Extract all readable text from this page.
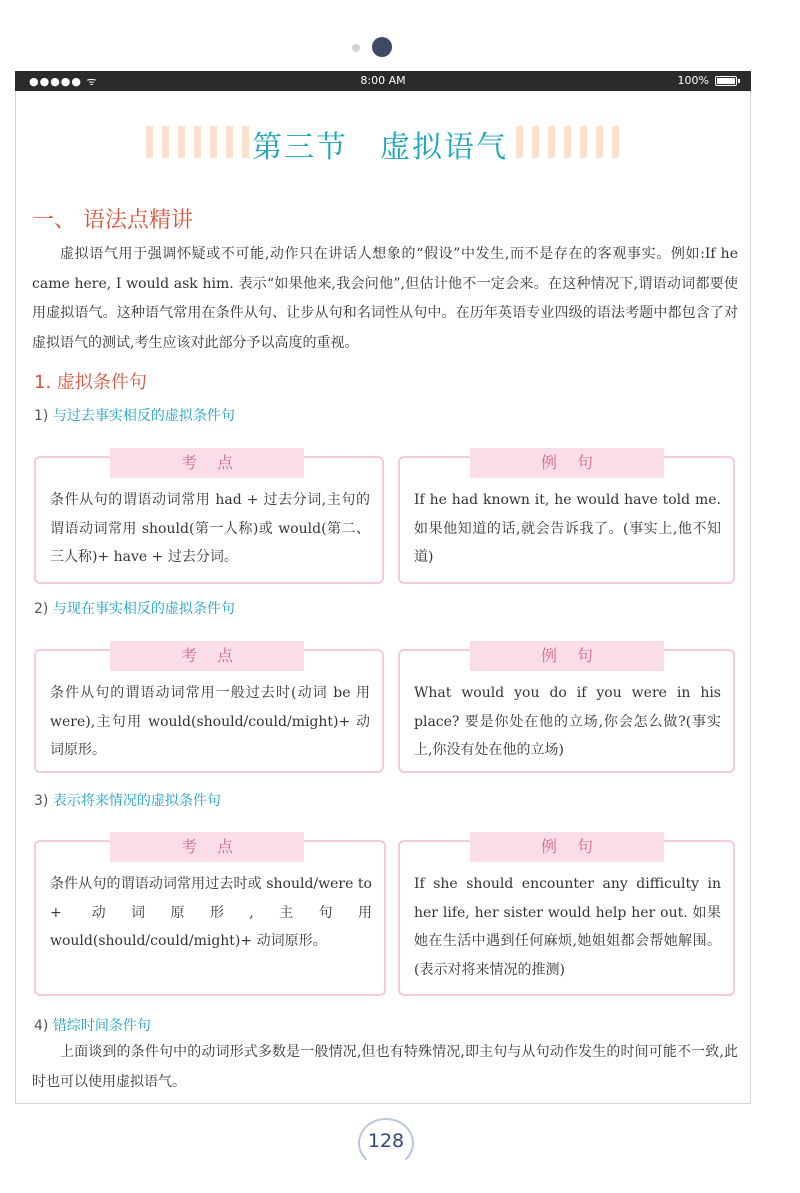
●●●●● ᯤ	8:00 AM	100%
第三节　虚拟语气
一、 语法点精讲
虚拟语气用于强调怀疑或不可能,动作只在讲话人想象的“假设”中发生,而不是存在的客观事实。例如:If he came here, I would ask him. 表示“如果他来,我会问他”,但估计他不一定会来。在这种情况下,谓语动词都要使用虚拟语气。这种语气常用在条件从句、让步从句和名词性从句中。在历年英语专业四级的语法考题中都包含了对虚拟语气的测试,考生应该对此部分予以高度的重视。
1. 虚拟条件句
1) 与过去事实相反的虚拟条件句
考点
条件从句的谓语动词常用 had + 过去分词,主句的谓语动词常用 should(第一人称)或 would(第二、三人称)+ have + 过去分词。
例句
If he had known it, he would have told me. 如果他知道的话,就会告诉我了。(事实上,他不知道)
2) 与现在事实相反的虚拟条件句
考点
条件从句的谓语动词常用一般过去时(动词 be 用 were),主句用 would(should/could/might)+ 动词原形。
例句
What would you do if you were in his place? 要是你处在他的立场,你会怎么做?(事实上,你没有处在他的立场)
3) 表示将来情况的虚拟条件句
考点
条件从句的谓语动词常用过去时或 should/were to + 动词原形,主句用 would(should/could/might)+ 动词原形。
例句
If she should encounter any difficulty in her life, her sister would help her out. 如果她在生活中遇到任何麻烦,她姐姐都会帮她解围。(表示对将来情况的推测)
4) 错综时间条件句
上面谈到的条件句中的动词形式多数是一般情况,但也有特殊情况,即主句与从句动作发生的时间可能不一致,此时也可以使用虚拟语气。
128
